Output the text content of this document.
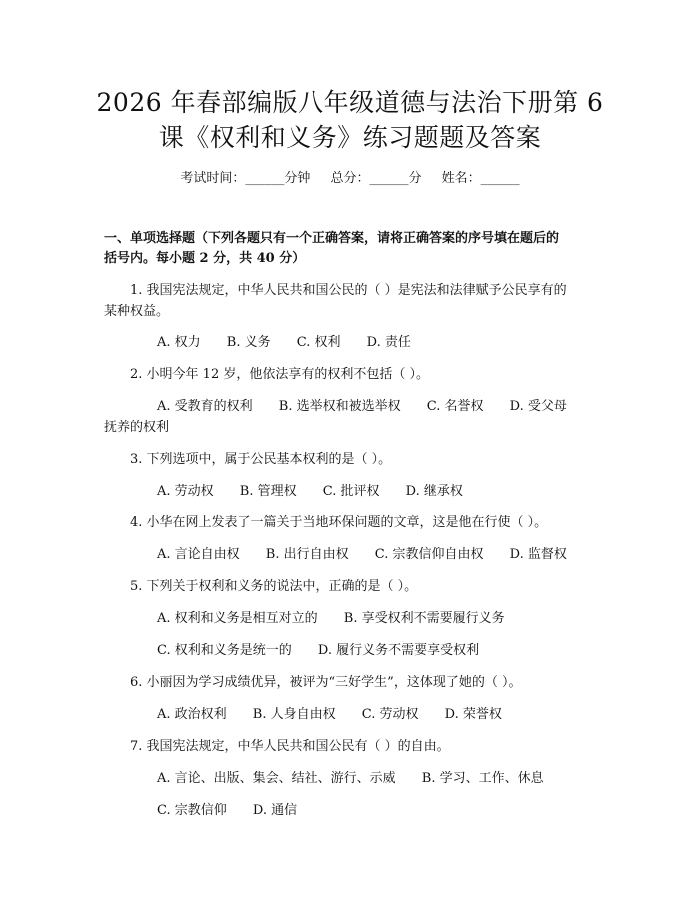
2026 年春部编版八年级道德与法治下册第 6
课《权利和义务》练习题题及答案
考试时间：______分钟 总分：______分 姓名：______
一、单项选择题（下列各题只有一个正确答案，请将正确答案的序号填在题后的
括号内。每小题 2 分，共 40 分）
1. 我国宪法规定，中华人民共和国公民的（ ）是宪法和法律赋予公民享有的
某种权益。
A. 权力 B. 义务 C. 权利 D. 责任
2. 小明今年 12 岁，他依法享有的权利不包括（ ）。
A. 受教育的权利 B. 选举权和被选举权 C. 名誉权 D. 受父母
抚养的权利
3. 下列选项中，属于公民基本权利的是（ ）。
A. 劳动权 B. 管理权 C. 批评权 D. 继承权
4. 小华在网上发表了一篇关于当地环保问题的文章，这是他在行使（ ）。
A. 言论自由权 B. 出行自由权 C. 宗教信仰自由权 D. 监督权
5. 下列关于权利和义务的说法中，正确的是（ ）。
A. 权利和义务是相互对立的 B. 享受权利不需要履行义务
C. 权利和义务是统一的 D. 履行义务不需要享受权利
6. 小丽因为学习成绩优异，被评为“三好学生”，这体现了她的（ ）。
A. 政治权利 B. 人身自由权 C. 劳动权 D. 荣誉权
7. 我国宪法规定，中华人民共和国公民有（ ）的自由。
A. 言论、出版、集会、结社、游行、示威 B. 学习、工作、休息
C. 宗教信仰 D. 通信
